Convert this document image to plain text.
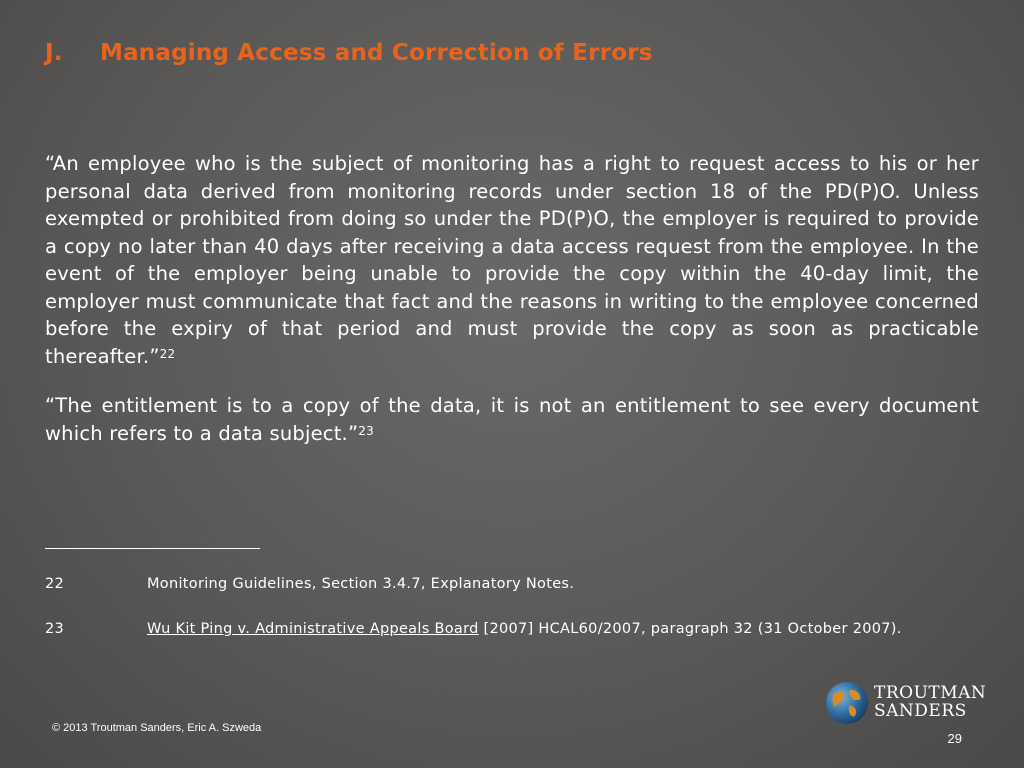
J. Managing Access and Correction of Errors

“An employee who is the subject of monitoring has a right to request access to his or her personal data derived from monitoring records under section 18 of the PD(P)O. Unless exempted or prohibited from doing so under the PD(P)O, the employer is required to provide a copy no later than 40 days after receiving a data access request from the employee. In the event of the employer being unable to provide the copy within the 40-day limit, the employer must communicate that fact and the reasons in writing to the employee concerned before the expiry of that period and must provide the copy as soon as practicable thereafter.”$^{22}$

“The entitlement is to a copy of the data, it is not an entitlement to see every document which refers to a data subject.”$^{23}$

22	Monitoring Guidelines, Section 3.4.7, Explanatory Notes.
23	Wu Kit Ping v. Administrative Appeals Board [2007] HCAL60/2007, paragraph 32 (31 October 2007).
© 2013 Troutman Sanders, Eric A. Szweda
TROUTMAN
SANDERS
29
